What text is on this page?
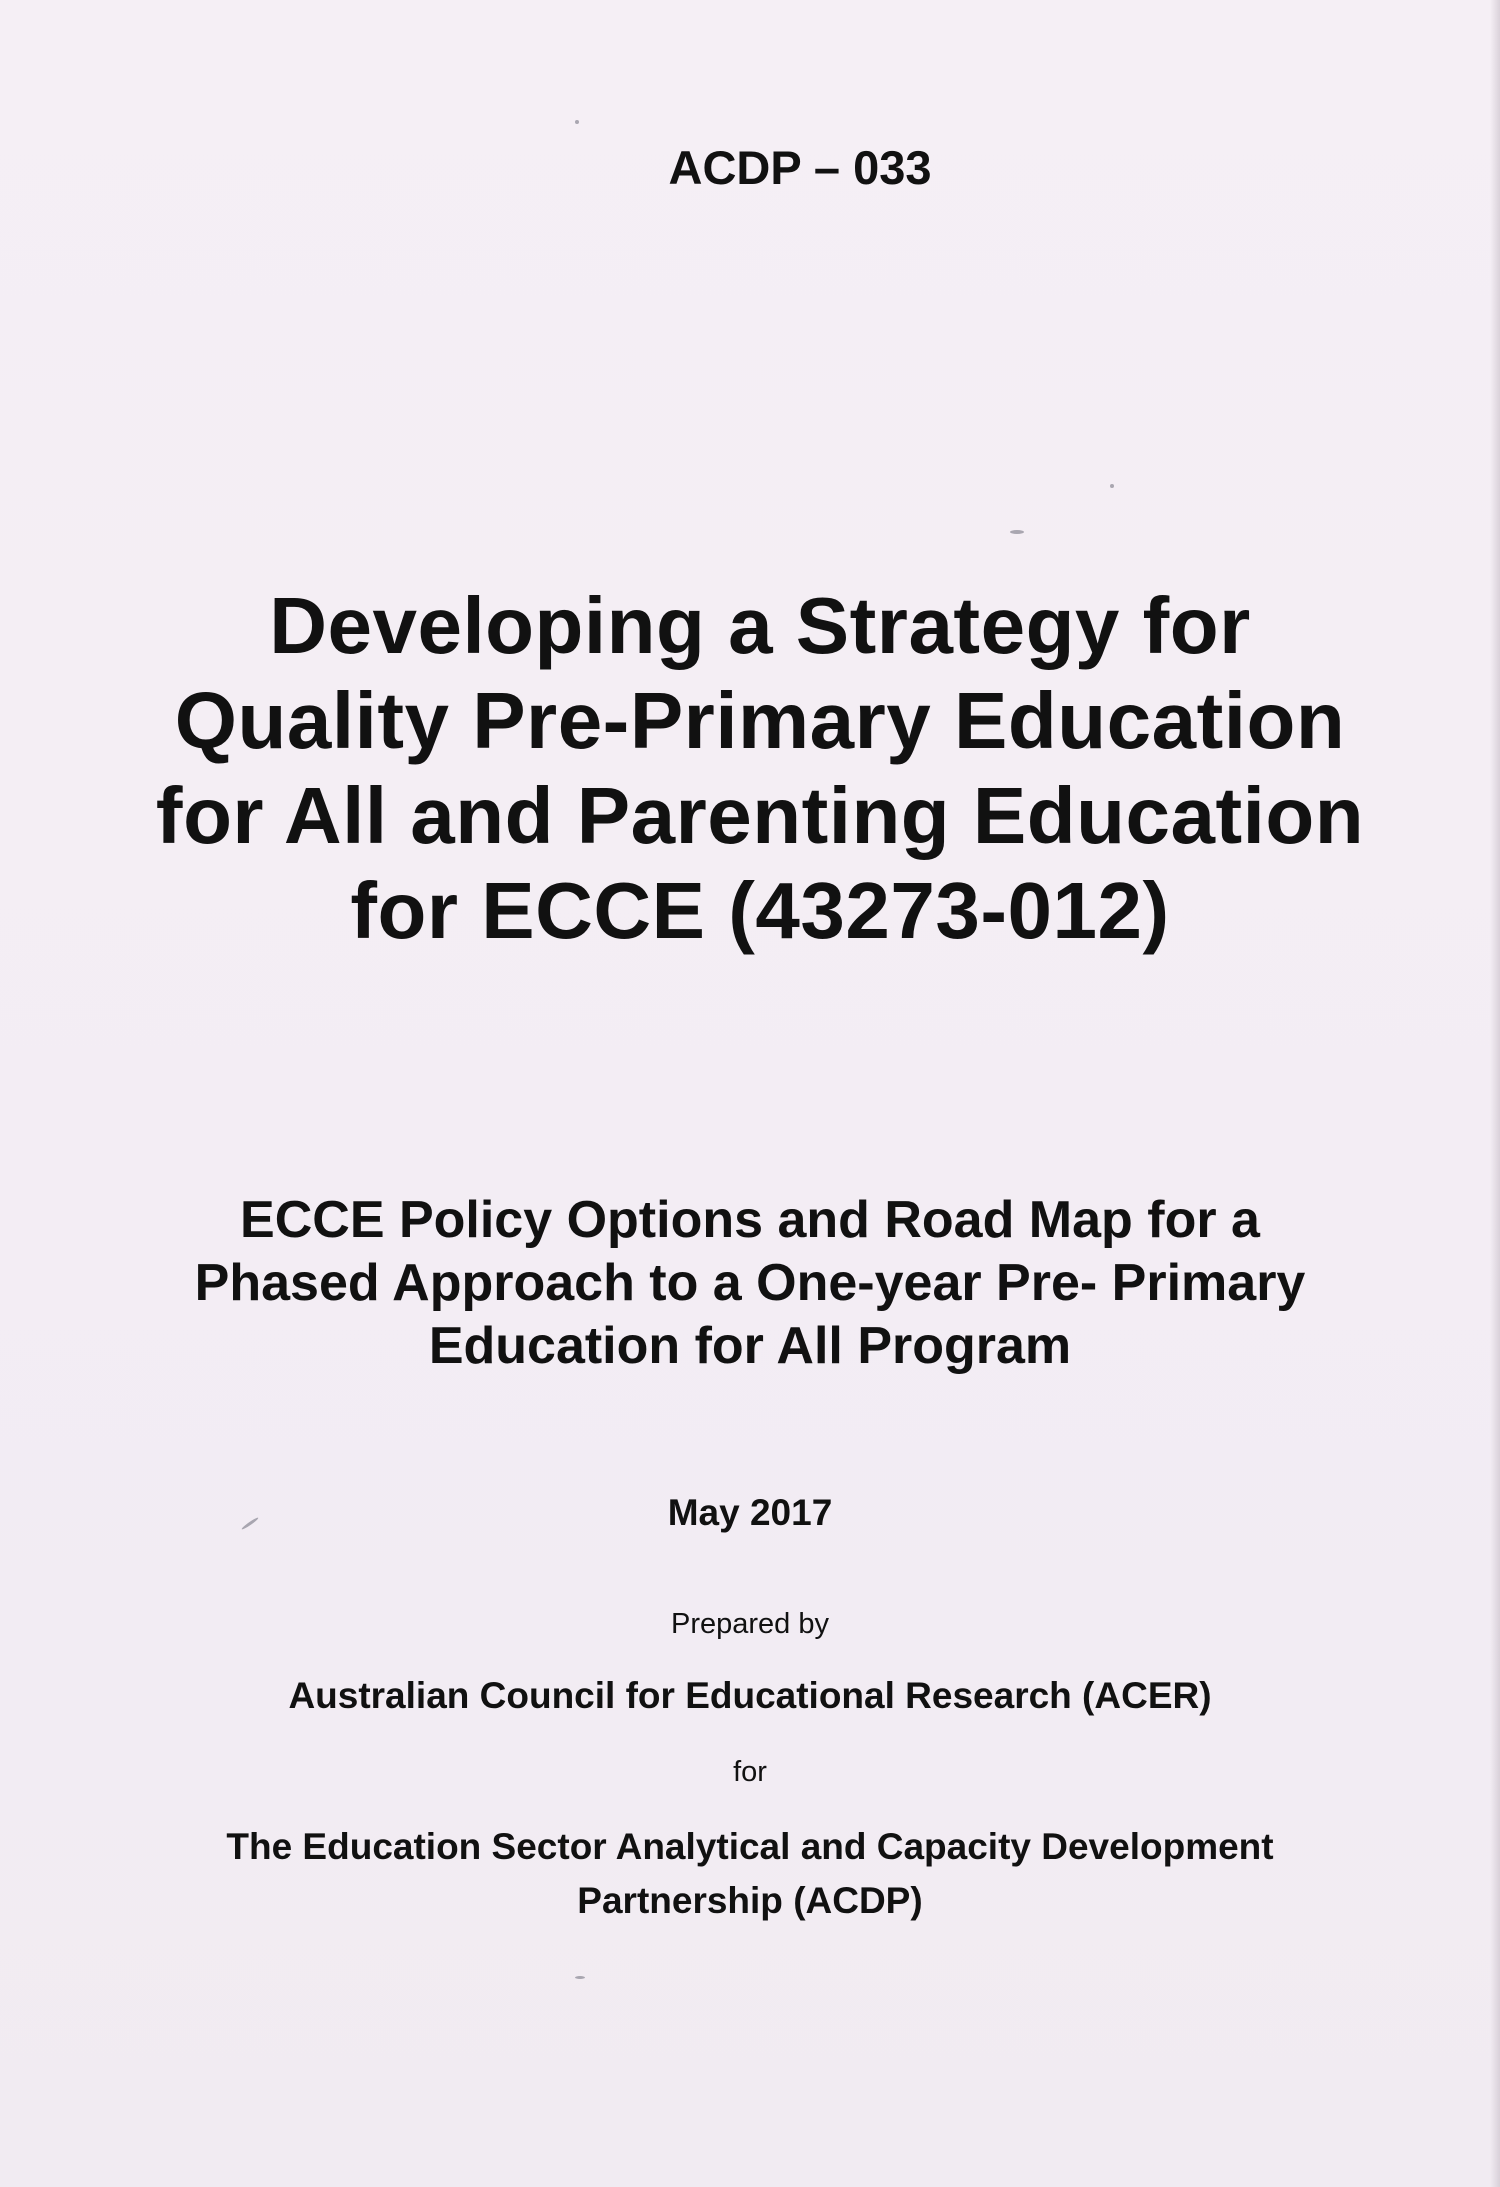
ACDP – 033
Developing a Strategy for
Quality Pre-Primary Education
for All and Parenting Education
for ECCE (43273-012)
ECCE Policy Options and Road Map for a
Phased Approach to a One-year Pre- Primary
Education for All Program
May 2017
Prepared by
Australian Council for Educational Research (ACER)
for
The Education Sector Analytical and Capacity Development
Partnership (ACDP)
